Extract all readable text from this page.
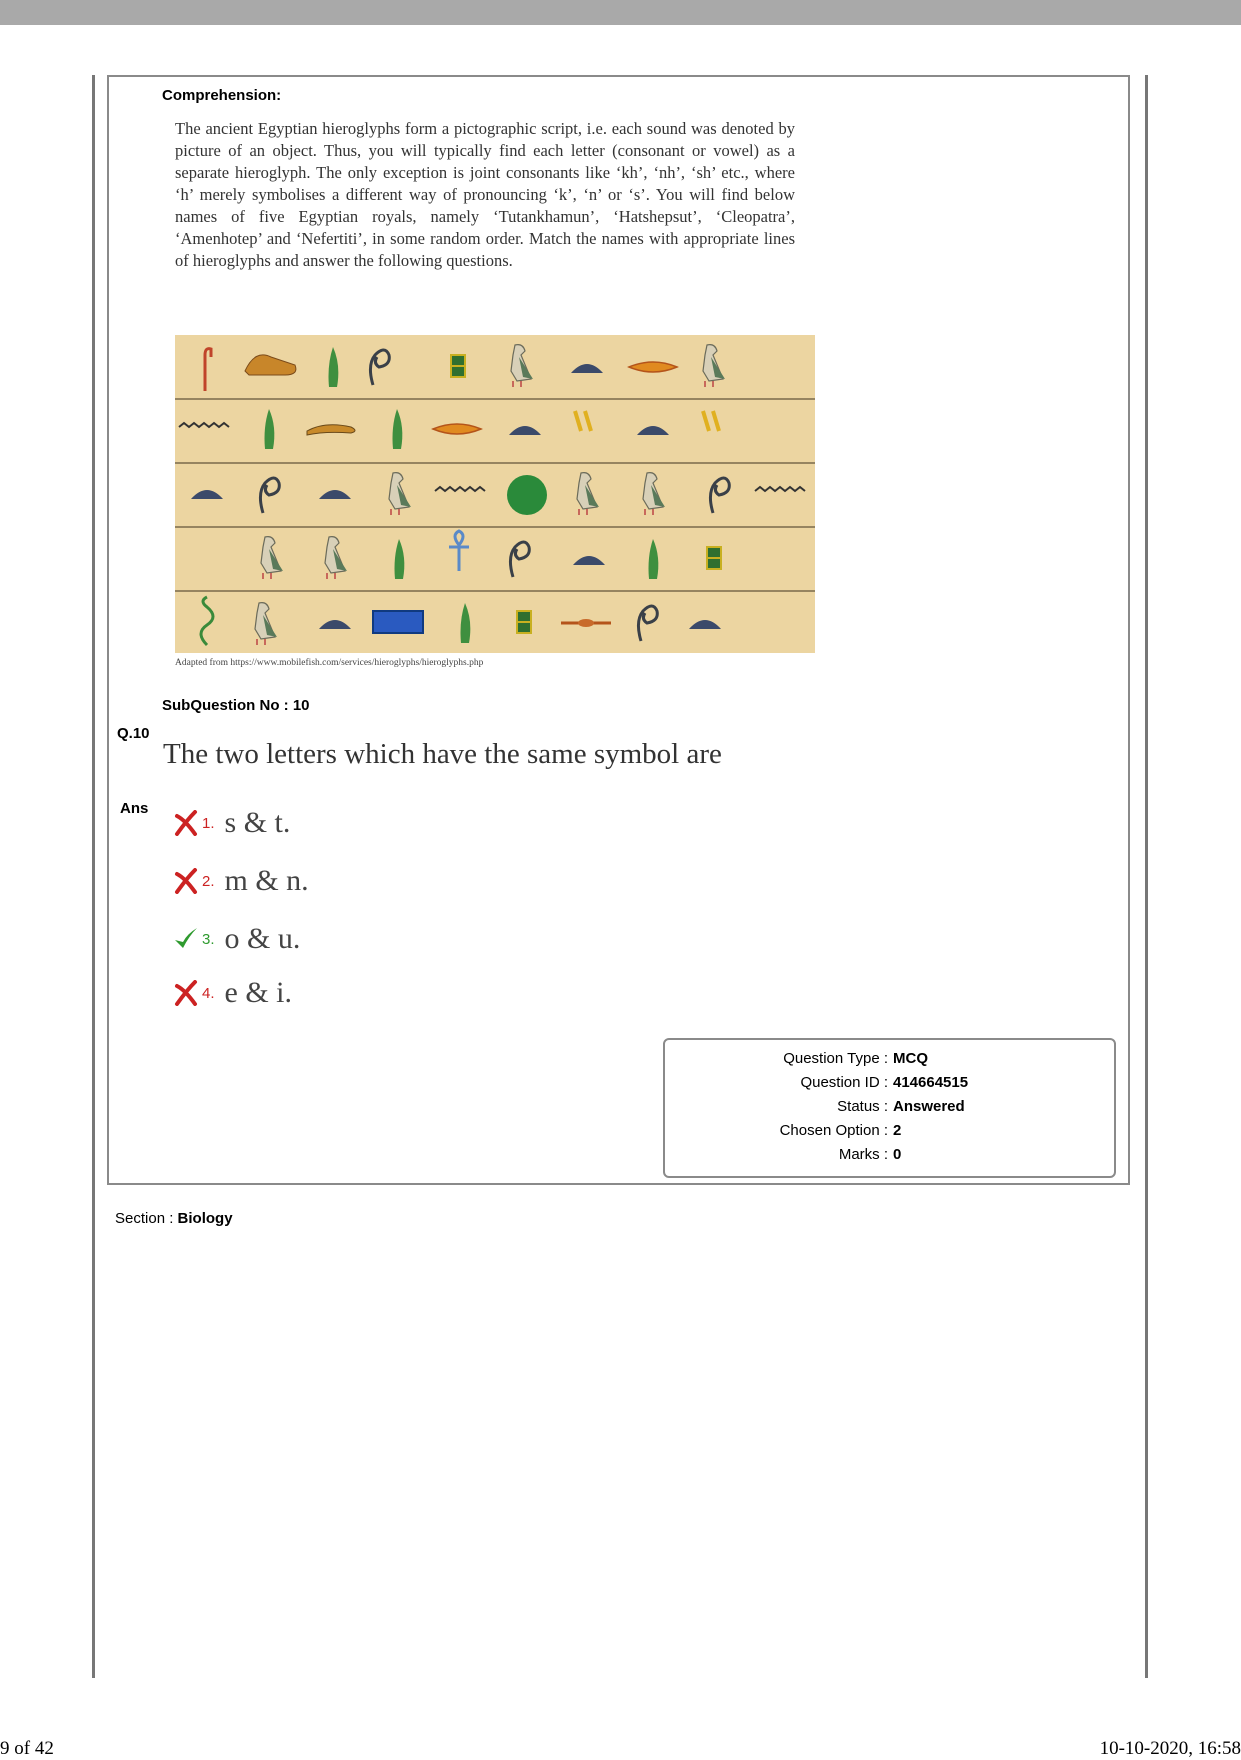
Comprehension:
The ancient Egyptian hieroglyphs form a pictographic script, i.e. each sound was denoted by picture of an object. Thus, you will typically find each letter (consonant or vowel) as a separate hieroglyph. The only exception is joint consonants like ‘kh’, ‘nh’, ‘sh’ etc., where ‘h’ merely symbolises a different way of pronouncing ‘k’, ‘n’ or ‘s’. You will find below names of five Egyptian royals, namely ‘Tutankhamun’, ‘Hatshepsut’, ‘Cleopatra’, ‘Amenhotep’ and ‘Nefertiti’, in some random order. Match the names with appropriate lines of hieroglyphs and answer the following questions.
Adapted from https://www.mobilefish.com/services/hieroglyphs/hieroglyphs.php
SubQuestion No : 10
Q.10
The two letters which have the same symbol are
Ans
1. s & t.
2. m & n.
3. o & u.
4. e & i.
Question Type : MCQ
Question ID : 414664515
Status : Answered
Chosen Option : 2
Marks : 0
Section : Biology
9 of 42	10-10-2020, 16:58
